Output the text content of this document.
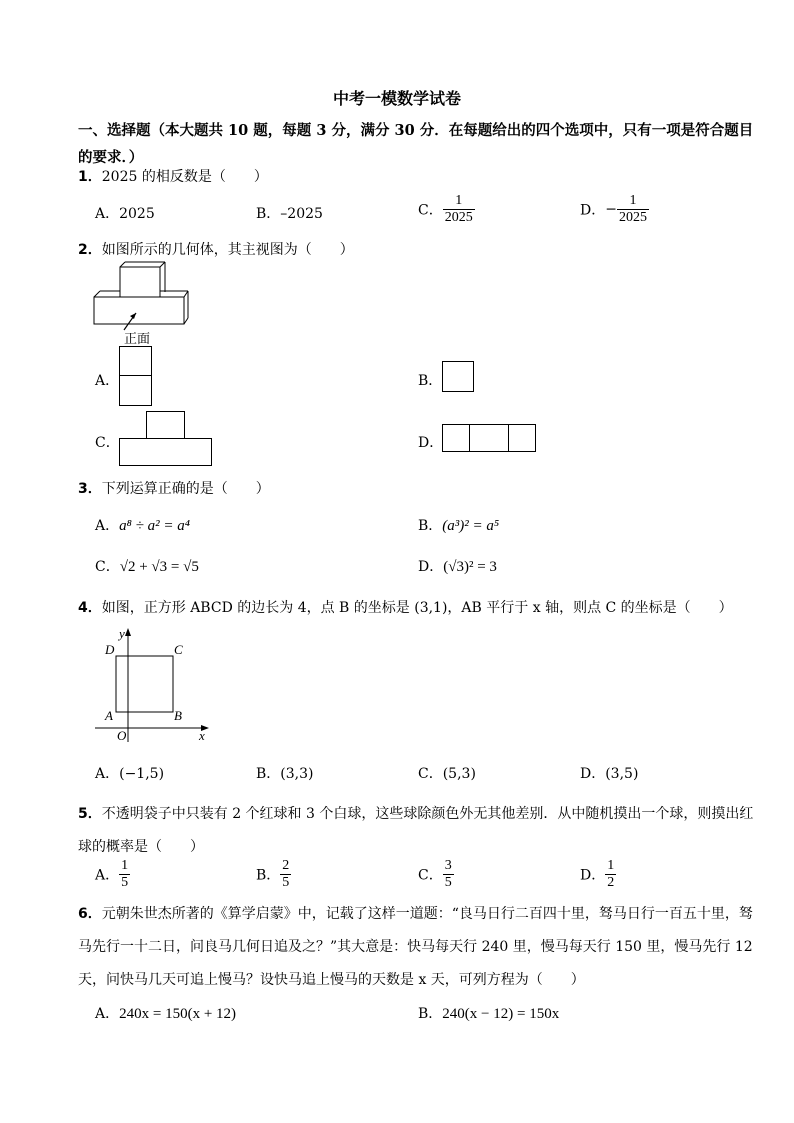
中考一模数学试卷
一、选择题（本大题共 10 题，每题 3 分，满分 30 分．在每题给出的四个选项中，只有一项是符合题目的要求．）
1．2025 的相反数是（　　）
A．2025	B．–2025	C． $\frac{1}{2025}$	D．− $\frac{1}{2025}$
2．如图所示的几何体，其主视图为（　　）
正面
A．	B．
C．	D．
3．下列运算正确的是（　　）
A．a⁸ ÷ a² = a⁴	B．(a³)² = a⁵
C．√2 + √3 = √5	D．(√3)² = 3
4．如图，正方形 ABCD 的边长为 4，点 B 的坐标是 (3,1)，AB 平行于 x 轴，则点 C 的坐标是（　　）
y
x
D	C
A	B
O
A．(−1,5)	B．(3,3)	C．(5,3)	D．(3,5)
5．不透明袋子中只装有 2 个红球和 3 个白球，这些球除颜色外无其他差别．从中随机摸出一个球，则摸出红球的概率是（　　）
A． $\frac{1}{5}$	B． $\frac{2}{5}$	C． $\frac{3}{5}$	D． $\frac{1}{2}$
6．元朝朱世杰所著的《算学启蒙》中，记载了这样一道题：“良马日行二百四十里，驽马日行一百五十里，驽马先行一十二日，问良马几何日追及之？”其大意是：快马每天行 240 里，慢马每天行 150 里，慢马先行 12 天，问快马几天可追上慢马？设快马追上慢马的天数是 x 天，可列方程为（　　）
A．240x = 150(x + 12)	B．240(x − 12) = 150x
